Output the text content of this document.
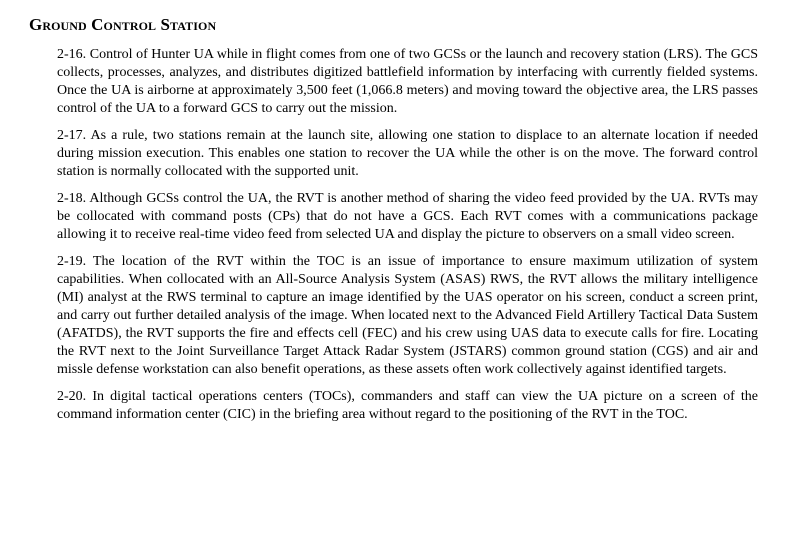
Ground Control Station

2-16. Control of Hunter UA while in flight comes from one of two GCSs or the launch and recovery station (LRS). The GCS collects, processes, analyzes, and distributes digitized battlefield information by interfacing with currently fielded systems. Once the UA is airborne at approximately 3,500 feet (1,066.8 meters) and moving toward the objective area, the LRS passes control of the UA to a forward GCS to carry out the mission.

2-17. As a rule, two stations remain at the launch site, allowing one station to displace to an alternate location if needed during mission execution. This enables one station to recover the UA while the other is on the move. The forward control station is normally collocated with the supported unit.

2-18. Although GCSs control the UA, the RVT is another method of sharing the video feed provided by the UA. RVTs may be collocated with command posts (CPs) that do not have a GCS. Each RVT comes with a communications package allowing it to receive real-time video feed from selected UA and display the picture to observers on a small video screen.

2-19. The location of the RVT within the TOC is an issue of importance to ensure maximum utilization of system capabilities. When collocated with an All-Source Analysis System (ASAS) RWS, the RVT allows the military intelligence (MI) analyst at the RWS terminal to capture an image identified by the UAS operator on his screen, conduct a screen print, and carry out further detailed analysis of the image. When located next to the Advanced Field Artillery Tactical Data Sustem (AFATDS), the RVT supports the fire and effects cell (FEC) and his crew using UAS data to execute calls for fire. Locating the RVT next to the Joint Surveillance Target Attack Radar System (JSTARS) common ground station (CGS) and air and missle defense workstation can also benefit operations, as these assets often work collectively against identified targets.

2-20. In digital tactical operations centers (TOCs), commanders and staff can view the UA picture on a screen of the command information center (CIC) in the briefing area without regard to the positioning of the RVT in the TOC.
